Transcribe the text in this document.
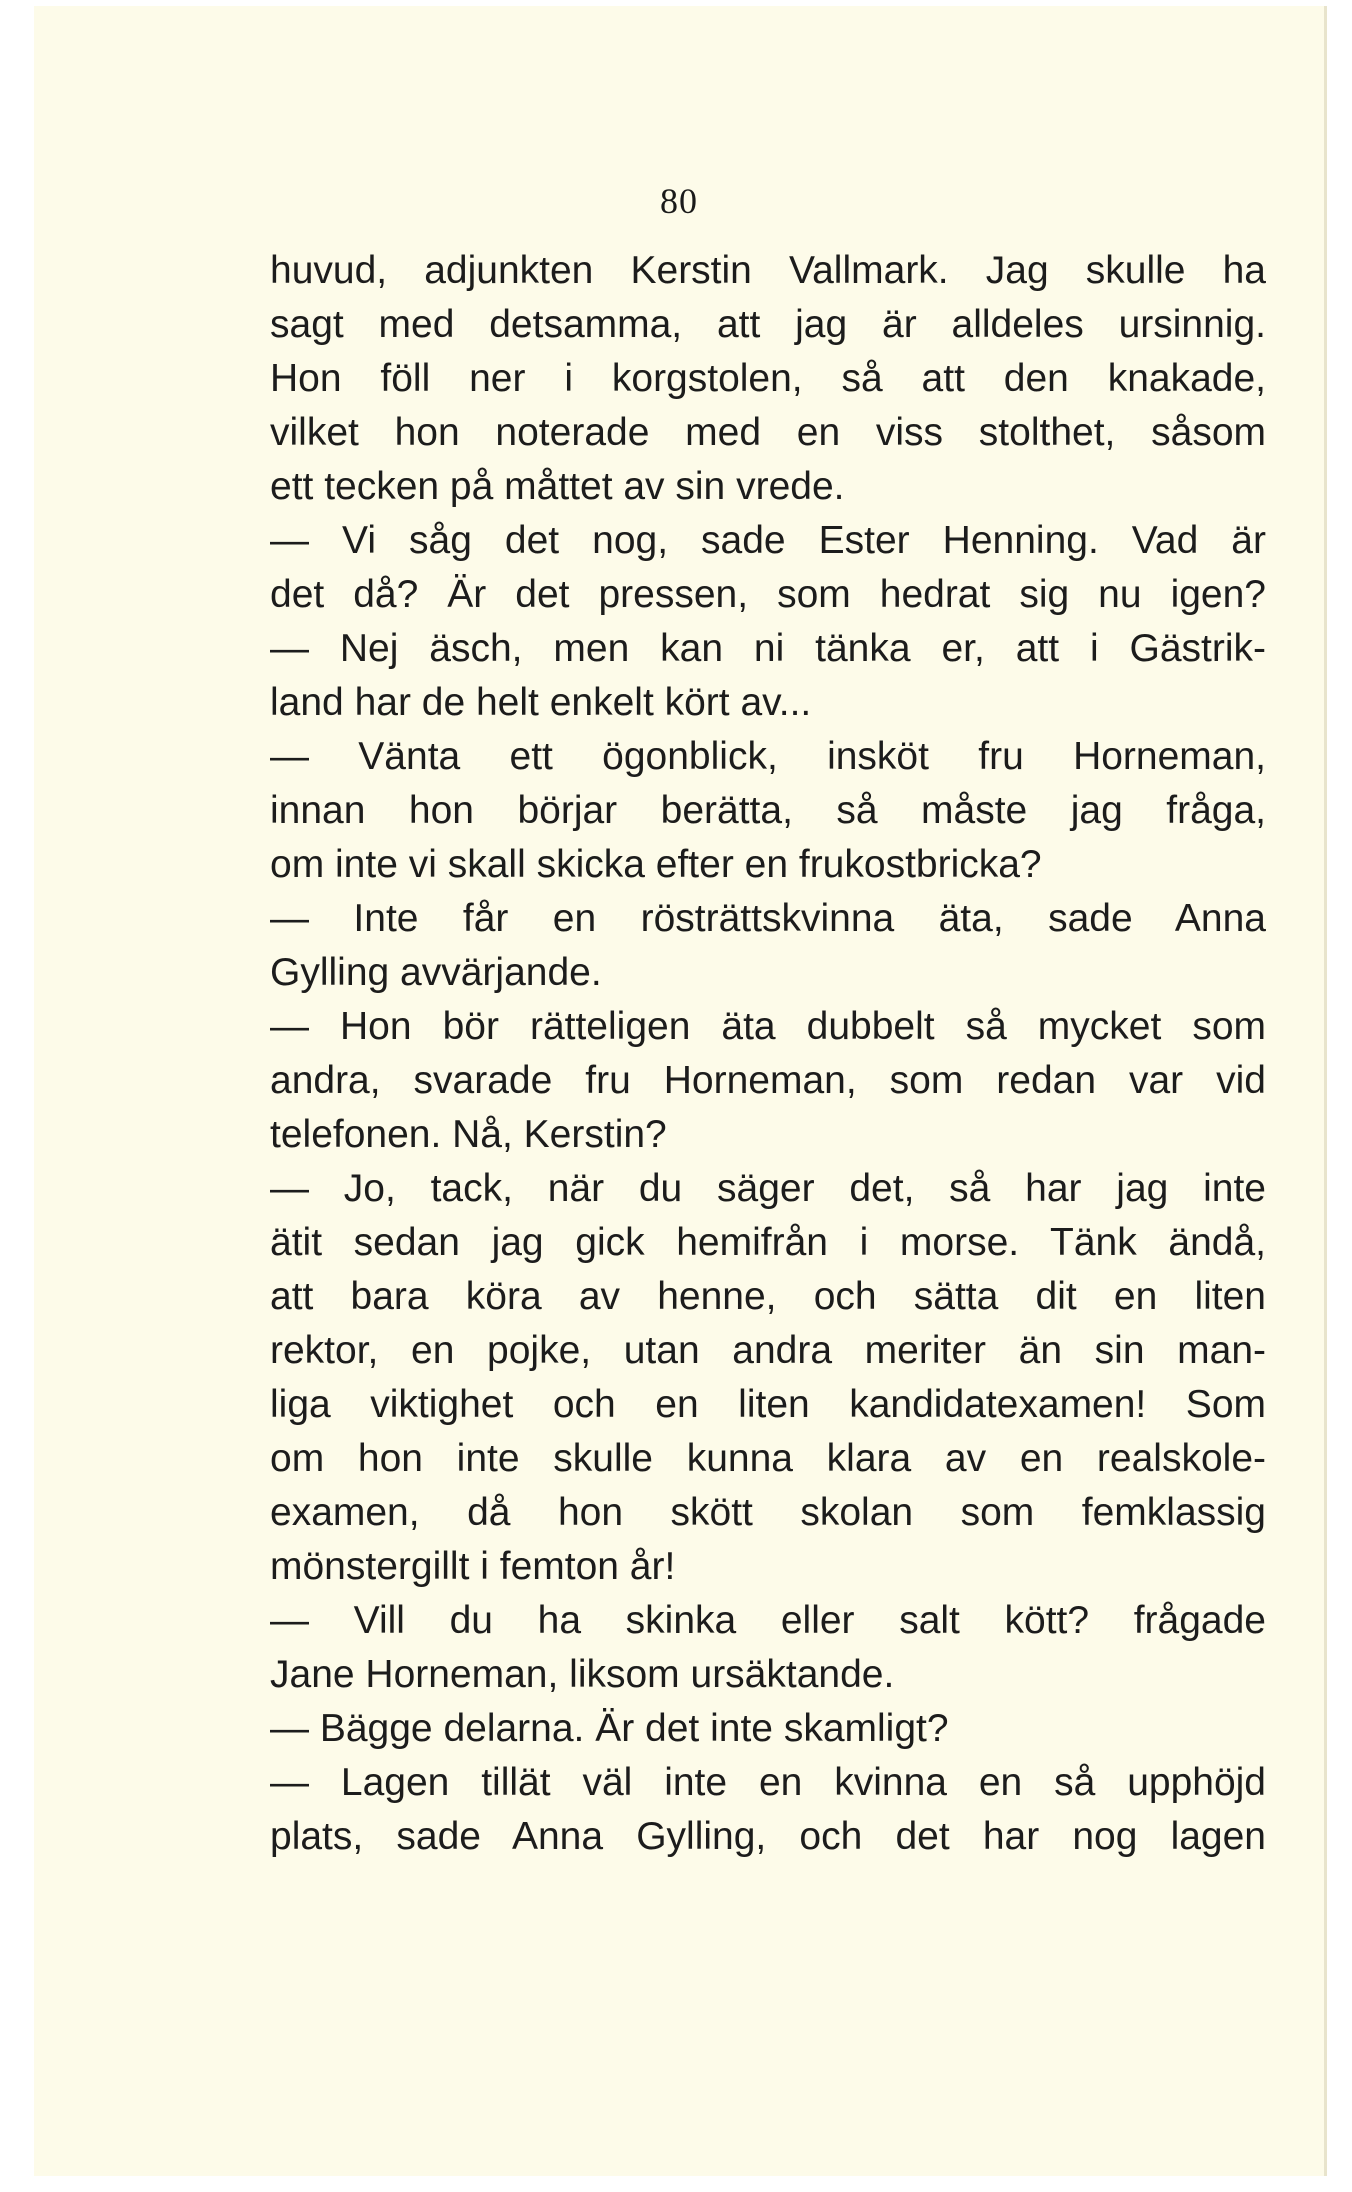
80
huvud, adjunkten Kerstin Vallmark. Jag skulle ha
sagt med detsamma, att jag är alldeles ursinnig.
Hon föll ner i korgstolen, så att den knakade,
vilket hon noterade med en viss stolthet, såsom
ett tecken på måttet av sin vrede.
— Vi såg det nog, sade Ester Henning. Vad är
det då? Är det pressen, som hedrat sig nu igen?
— Nej äsch, men kan ni tänka er, att i Gästrik-
land har de helt enkelt kört av...
— Vänta ett ögonblick, insköt fru Horneman,
innan hon börjar berätta, så måste jag fråga,
om inte vi skall skicka efter en frukostbricka?
— Inte får en rösträttskvinna äta, sade Anna
Gylling avvärjande.
— Hon bör rätteligen äta dubbelt så mycket som
andra, svarade fru Horneman, som redan var vid
telefonen. Nå, Kerstin?
— Jo, tack, när du säger det, så har jag inte
ätit sedan jag gick hemifrån i morse. Tänk ändå,
att bara köra av henne, och sätta dit en liten
rektor, en pojke, utan andra meriter än sin man-
liga viktighet och en liten kandidatexamen! Som
om hon inte skulle kunna klara av en realskole-
examen, då hon skött skolan som femklassig
mönstergillt i femton år!
— Vill du ha skinka eller salt kött? frågade
Jane Horneman, liksom ursäktande.
— Bägge delarna. Är det inte skamligt?
— Lagen tillät väl inte en kvinna en så upphöjd
plats, sade Anna Gylling, och det har nog lagen
